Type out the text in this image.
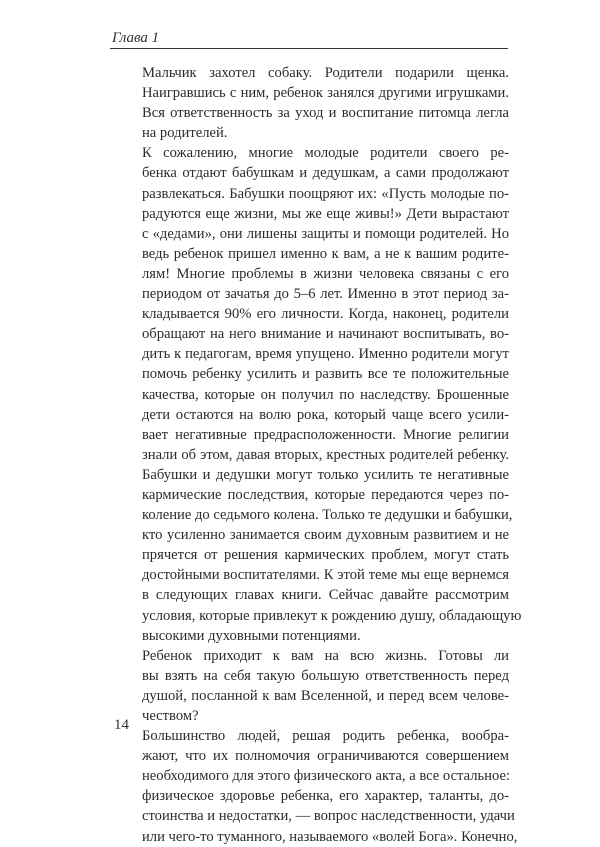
Глава 1

Мальчик захотел собаку. Родители подарили щенка.
Наигравшись с ним, ребенок занялся другими игрушками.
Вся ответственность за уход и воспитание питомца легла
на родителей.

К сожалению, многие молодые родители своего ре-
бенка отдают бабушкам и дедушкам, а сами продолжают
развлекаться. Бабушки поощряют их: «Пусть молодые по-
радуются еще жизни, мы же еще живы!» Дети вырастают
с «дедами», они лишены защиты и помощи родителей. Но
ведь ребенок пришел именно к вам, а не к вашим родите-
лям! Многие проблемы в жизни человека связаны с его
периодом от зачатья до 5–6 лет. Именно в этот период за-
кладывается 90% его личности. Когда, наконец, родители
обращают на него внимание и начинают воспитывать, во-
дить к педагогам, время упущено. Именно родители могут
помочь ребенку усилить и развить все те положительные
качества, которые он получил по наследству. Брошенные
дети остаются на волю рока, который чаще всего усили-
вает негативные предрасположенности. Многие религии
знали об этом, давая вторых, крестных родителей ребенку.
Бабушки и дедушки могут только усилить те негативные
кармические последствия, которые передаются через по-
коление до седьмого колена. Только те дедушки и бабушки,
кто усиленно занимается своим духовным развитием и не
прячется от решения кармических проблем, могут стать
достойными воспитателями. К этой теме мы еще вернемся
в следующих главах книги. Сейчас давайте рассмотрим
условия, которые привлекут к рождению душу, обладающую
высокими духовными потенциями.

Ребенок приходит к вам на всю жизнь. Готовы ли
вы взять на себя такую большую ответственность перед
душой, посланной к вам Вселенной, и перед всем челове-
чеством?

Большинство людей, решая родить ребенка, вообра-
жают, что их полномочия ограничиваются совершением
необходимого для этого физического акта, а все остальное:
физическое здоровье ребенка, его характер, таланты, до-
стоинства и недостатки, — вопрос наследственности, удачи
или чего-то туманного, называемого «волей Бога». Конечно,

14
